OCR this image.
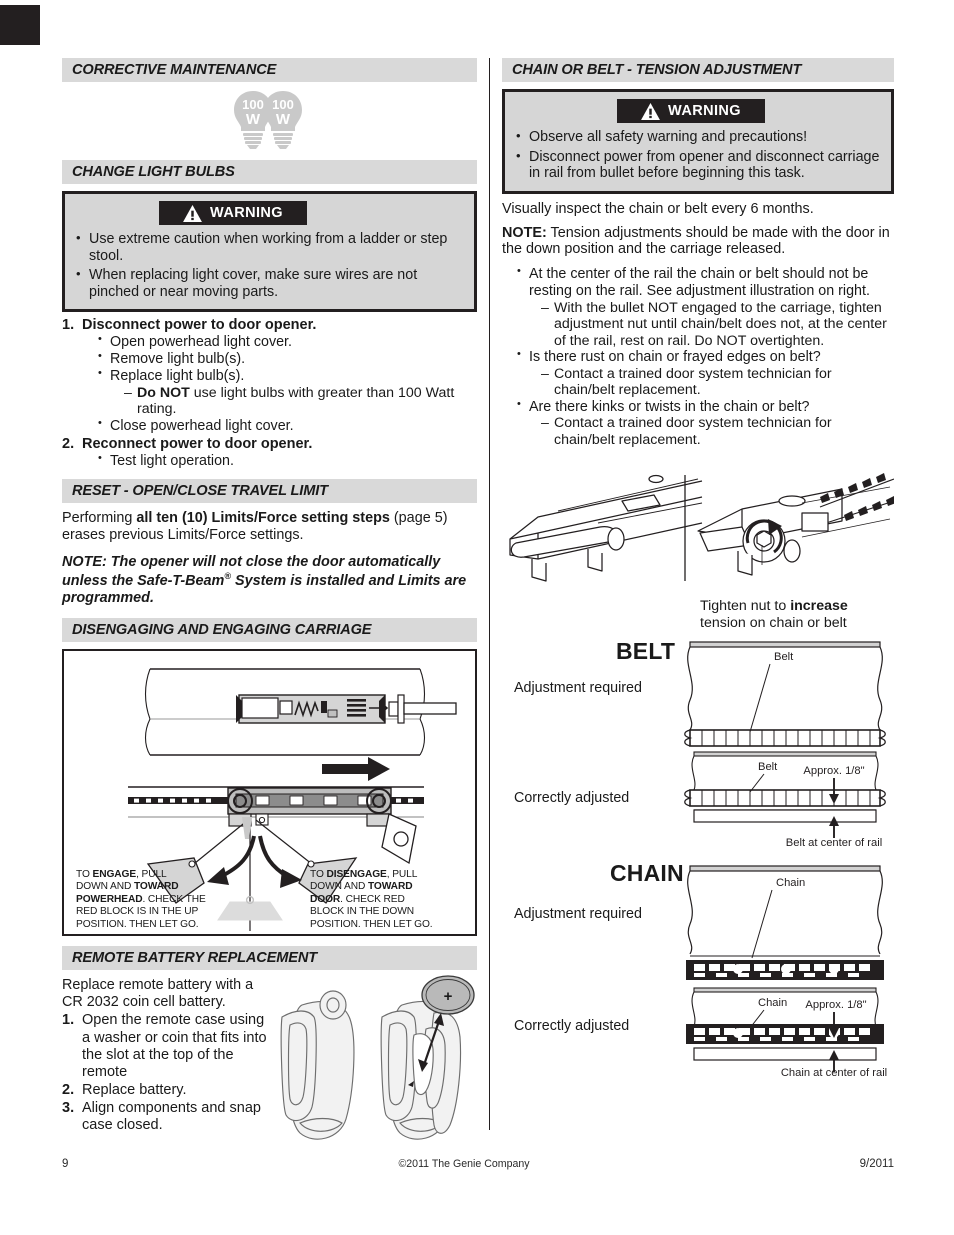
CORRECTIVE MAINTENANCE
100
W
100
W
CHANGE LIGHT BULBS
WARNING
• Use extreme caution when working from a ladder or step stool.
• When replacing light cover, make sure wires are not pinched or near moving parts.
1. Disconnect power to door opener.
• Open powerhead light cover.
• Remove light bulb(s).
• Replace light bulb(s).
– Do NOT use light bulbs with greater than 100 Watt rating.
• Close powerhead light cover.
2. Reconnect power to door opener.
• Test light operation.
RESET - OPEN/CLOSE TRAVEL LIMIT
Performing all ten (10) Limits/Force setting steps (page 5) erases previous Limits/Force settings.
NOTE: The opener will not close the door automatically unless the Safe-T-Beam® System is installed and Limits are programmed.
DISENGAGING AND ENGAGING CARRIAGE
TO ENGAGE, PULL
DOWN AND TOWARD
POWERHEAD. CHECK THE
RED BLOCK IS IN THE UP
POSITION. THEN LET GO.
TO DISENGAGE, PULL
DOWN AND TOWARD
DOOR. CHECK RED
BLOCK IN THE DOWN
POSITION. THEN LET GO.
REMOTE BATTERY REPLACEMENT
Replace remote battery with a CR 2032 coin cell battery.
1. Open the remote case using a washer or coin that fits into the slot at the top of the remote
2. Replace battery.
3. Align components and snap case closed.
+
CHAIN OR BELT - TENSION ADJUSTMENT
WARNING
• Observe all safety warning and precautions!
• Disconnect power from opener and disconnect carriage in rail from bullet before beginning this task.
Visually inspect the chain or belt every 6 months.
NOTE: Tension adjustments should be made with the door in the down position and the carriage released.
• At the center of the rail the chain or belt should not be resting on the rail. See adjustment illustration on right.
– With the bullet NOT engaged to the carriage, tighten adjustment nut until chain/belt does not, at the center of the rail, rest on rail. Do NOT overtighten.
• Is there rust on chain or frayed edges on belt?
– Contact a trained door system technician for chain/belt replacement.
• Are there kinks or twists in the chain or belt?
– Contact a trained door system technician for chain/belt replacement.
Tighten nut to increase
tension on chain or belt
BELT
Adjustment required
Correctly adjusted
Belt
Belt Approx. 1/8"
Belt at center of rail
CHAIN
Adjustment required
Correctly adjusted
Chain
Chain Approx. 1/8"
Chain at center of rail
9	©2011 The Genie Company	9/2011
